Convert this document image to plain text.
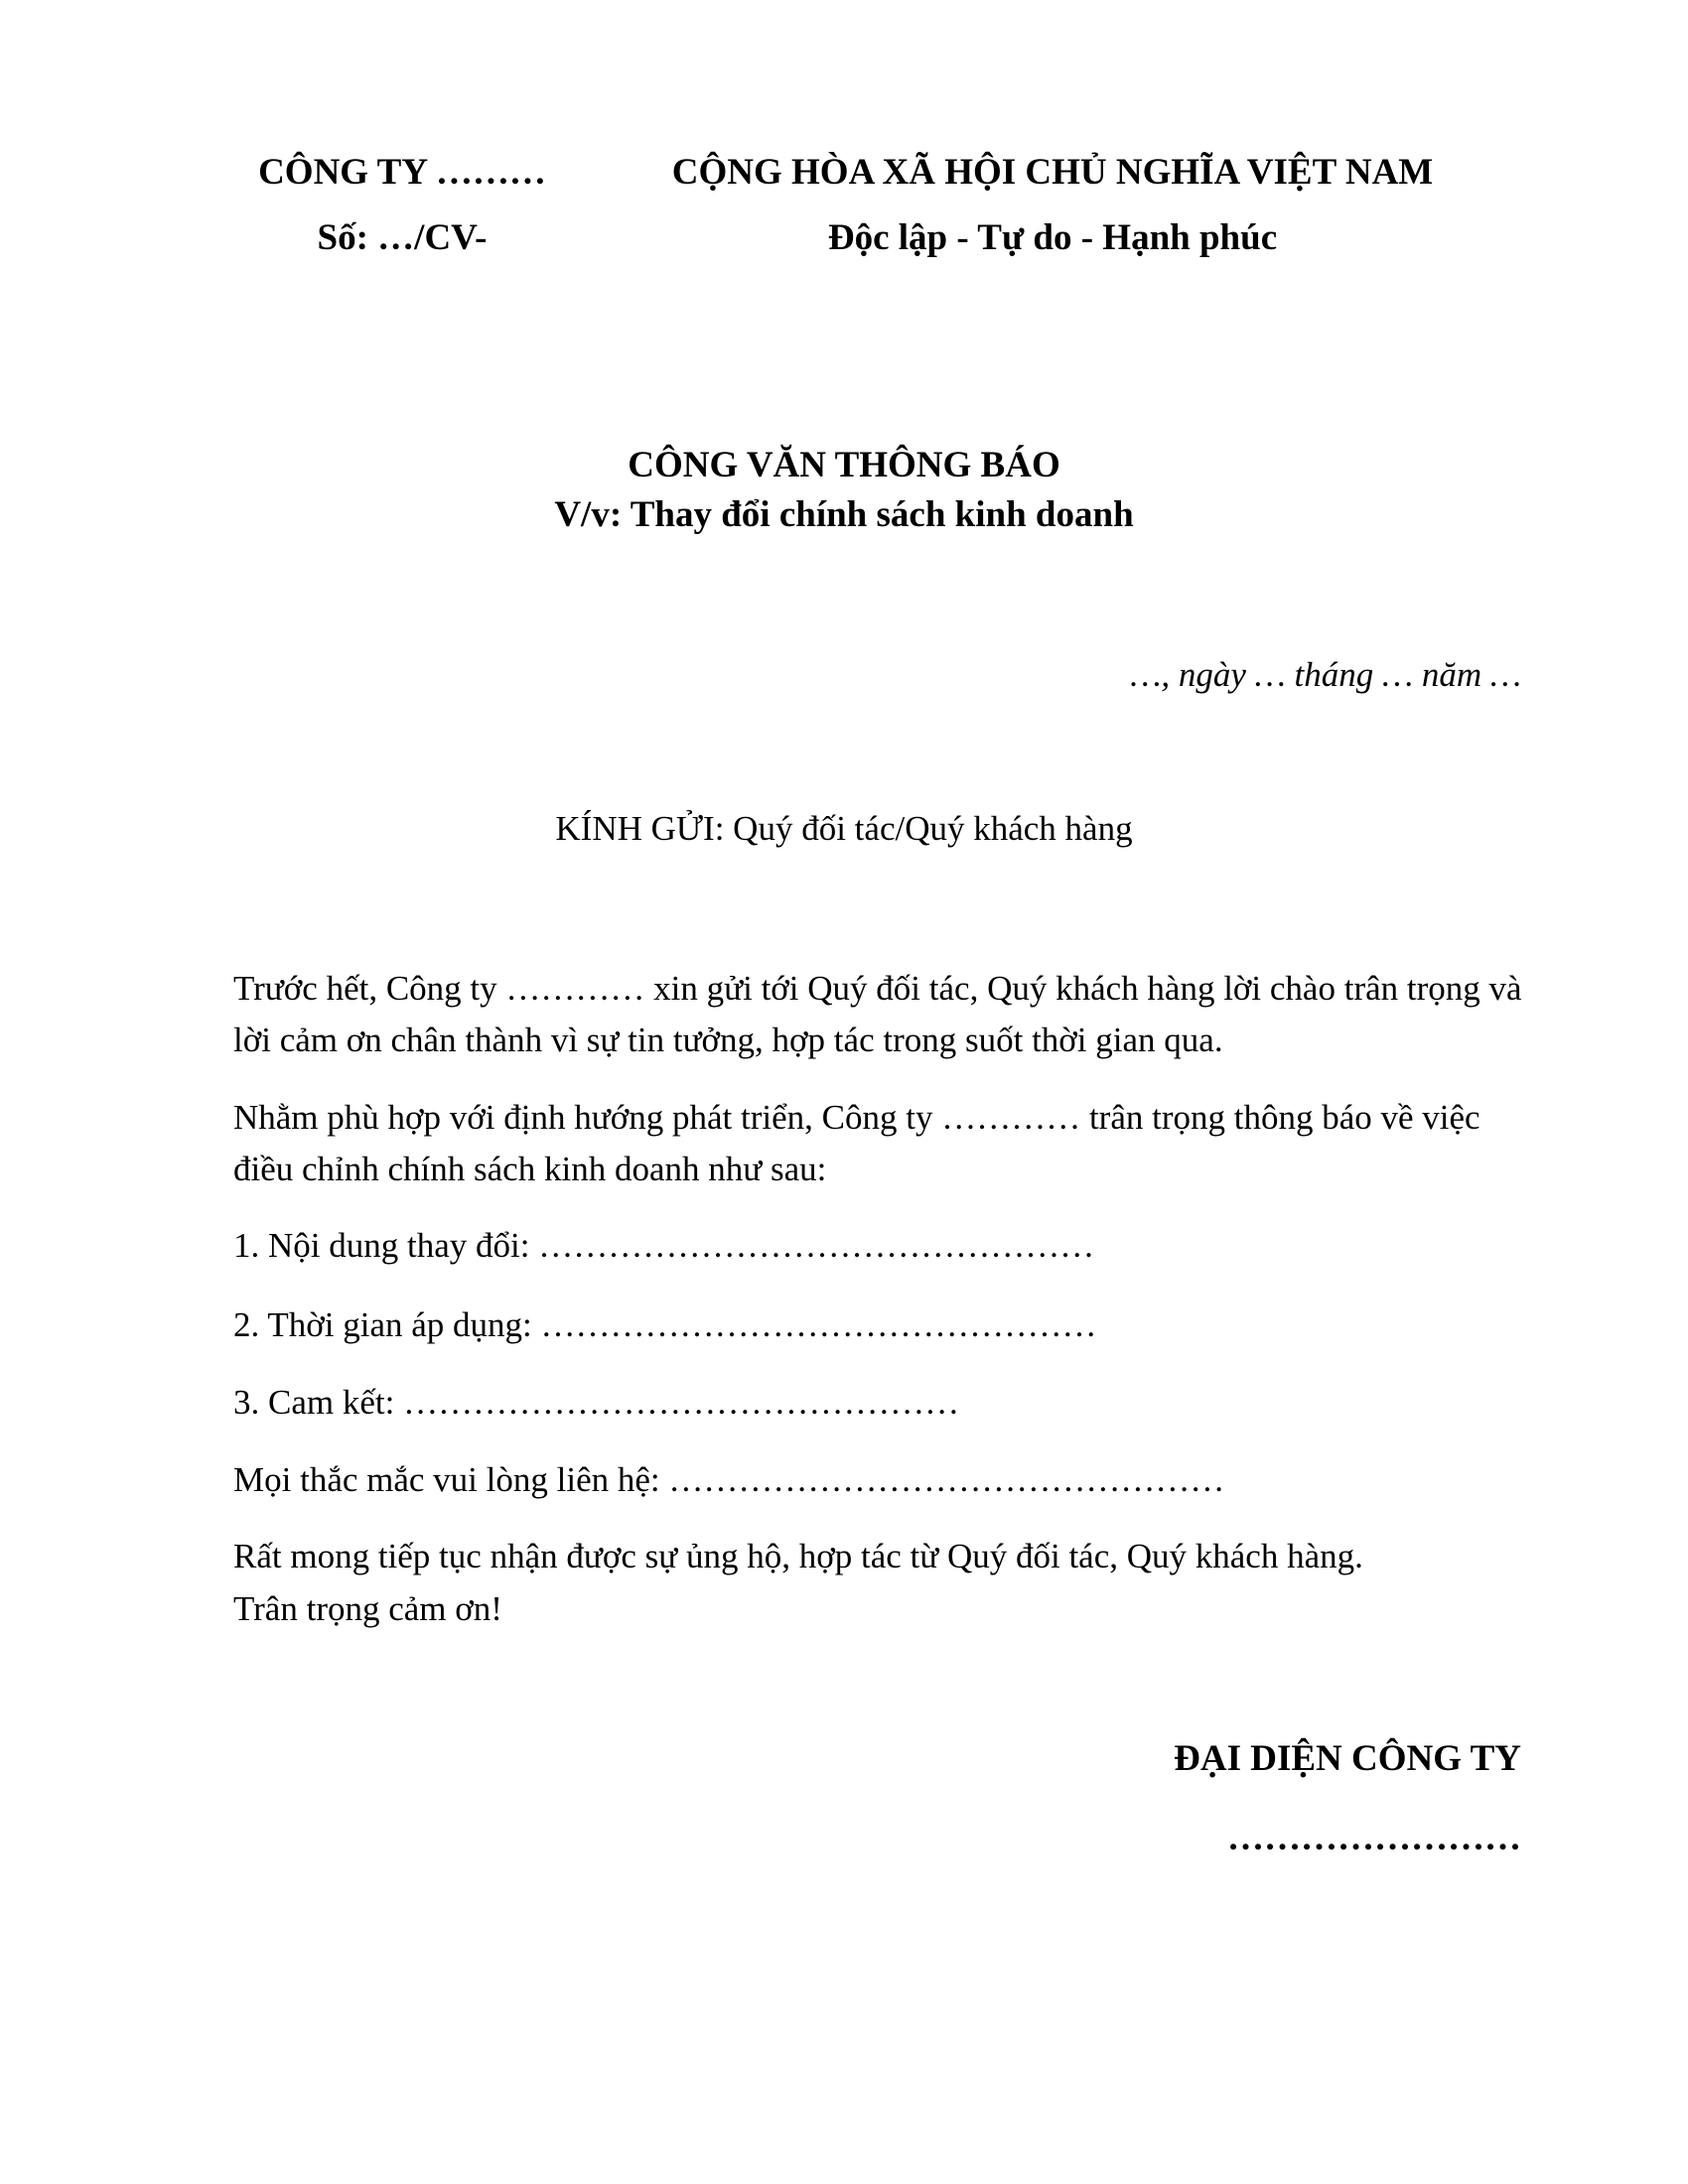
CÔNG TY ………
Số: …/CV-
CỘNG HÒA XÃ HỘI CHỦ NGHĨA VIỆT NAM
Độc lập - Tự do - Hạnh phúc
CÔNG VĂN THÔNG BÁO
V/v: Thay đổi chính sách kinh doanh
…, ngày … tháng … năm …
KÍNH GỬI: Quý đối tác/Quý khách hàng
Trước hết, Công ty ………… xin gửi tới Quý đối tác, Quý khách hàng lời chào trân trọng và lời cảm ơn chân thành vì sự tin tưởng, hợp tác trong suốt thời gian qua.
Nhằm phù hợp với định hướng phát triển, Công ty ………… trân trọng thông báo về việc điều chỉnh chính sách kinh doanh như sau:
1. Nội dung thay đổi: …………………………………………
2. Thời gian áp dụng: …………………………………………
3. Cam kết: …………………………………………
Mọi thắc mắc vui lòng liên hệ: …………………………………………
Rất mong tiếp tục nhận được sự ủng hộ, hợp tác từ Quý đối tác, Quý khách hàng.
Trân trọng cảm ơn!
ĐẠI DIỆN CÔNG TY
……………………
